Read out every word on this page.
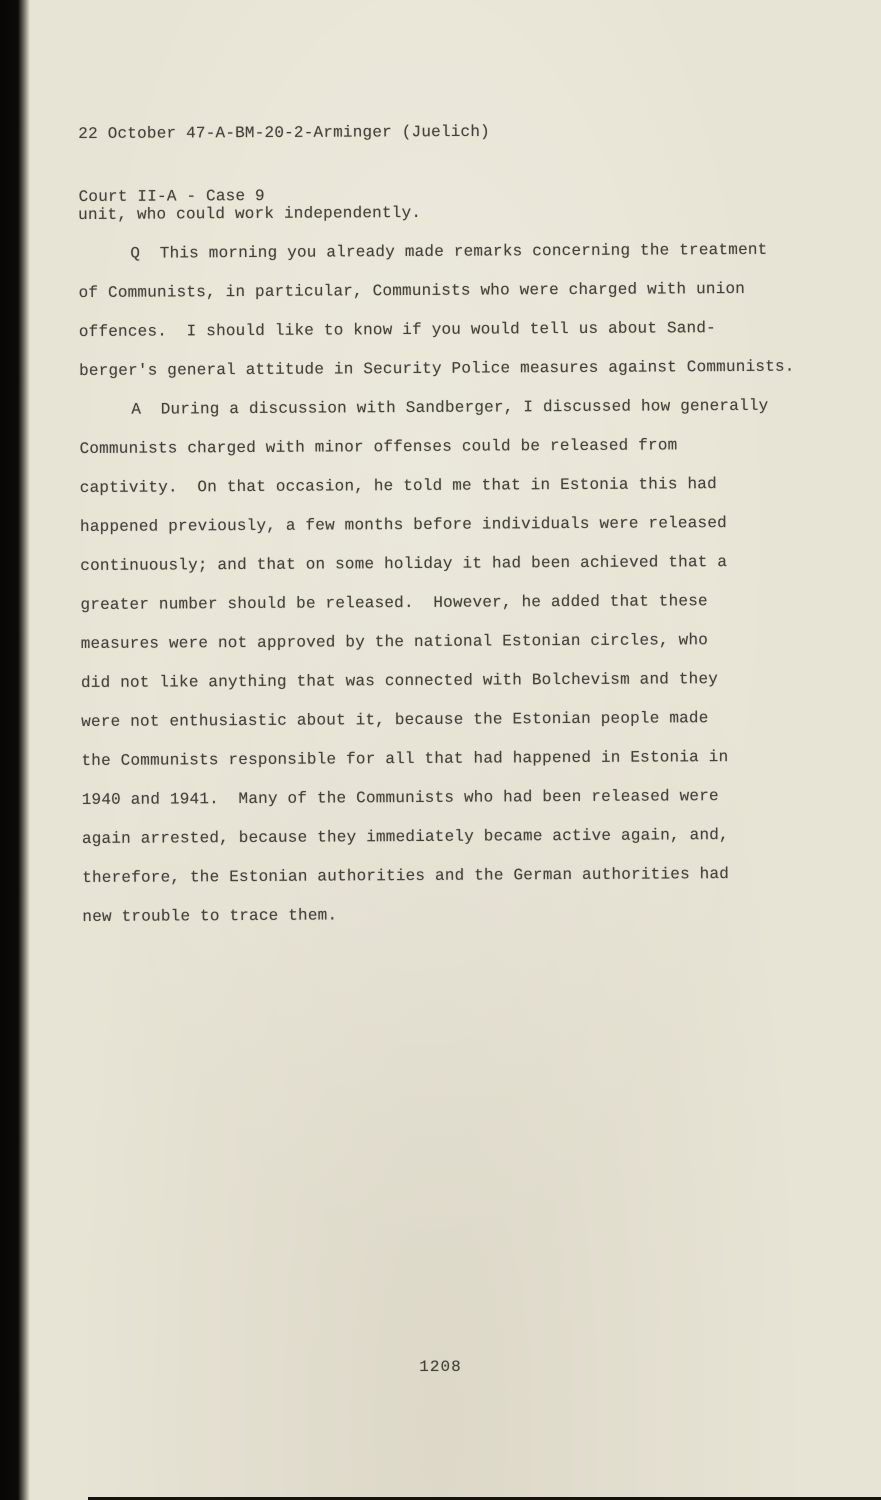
22 October 47-A-BM-20-2-Arminger (Juelich)

Court II-A - Case 9

unit, who could work independently.
Q  This morning you already made remarks concerning the treatment
of Communists, in particular, Communists who were charged with union
offences.  I should like to know if you would tell us about Sand-
berger's general attitude in Security Police measures against Communists.
A  During a discussion with Sandberger, I discussed how generally
Communists charged with minor offenses could be released from
captivity.  On that occasion, he told me that in Estonia this had
happened previously, a few months before individuals were released
continuously; and that on some holiday it had been achieved that a
greater number should be released.  However, he added that these
measures were not approved by the national Estonian circles, who
did not like anything that was connected with Bolchevism and they
were not enthusiastic about it, because the Estonian people made
the Communists responsible for all that had happened in Estonia in
1940 and 1941.  Many of the Communists who had been released were
again arrested, because they immediately became active again, and,
therefore, the Estonian authorities and the German authorities had
new trouble to trace them.
1208
